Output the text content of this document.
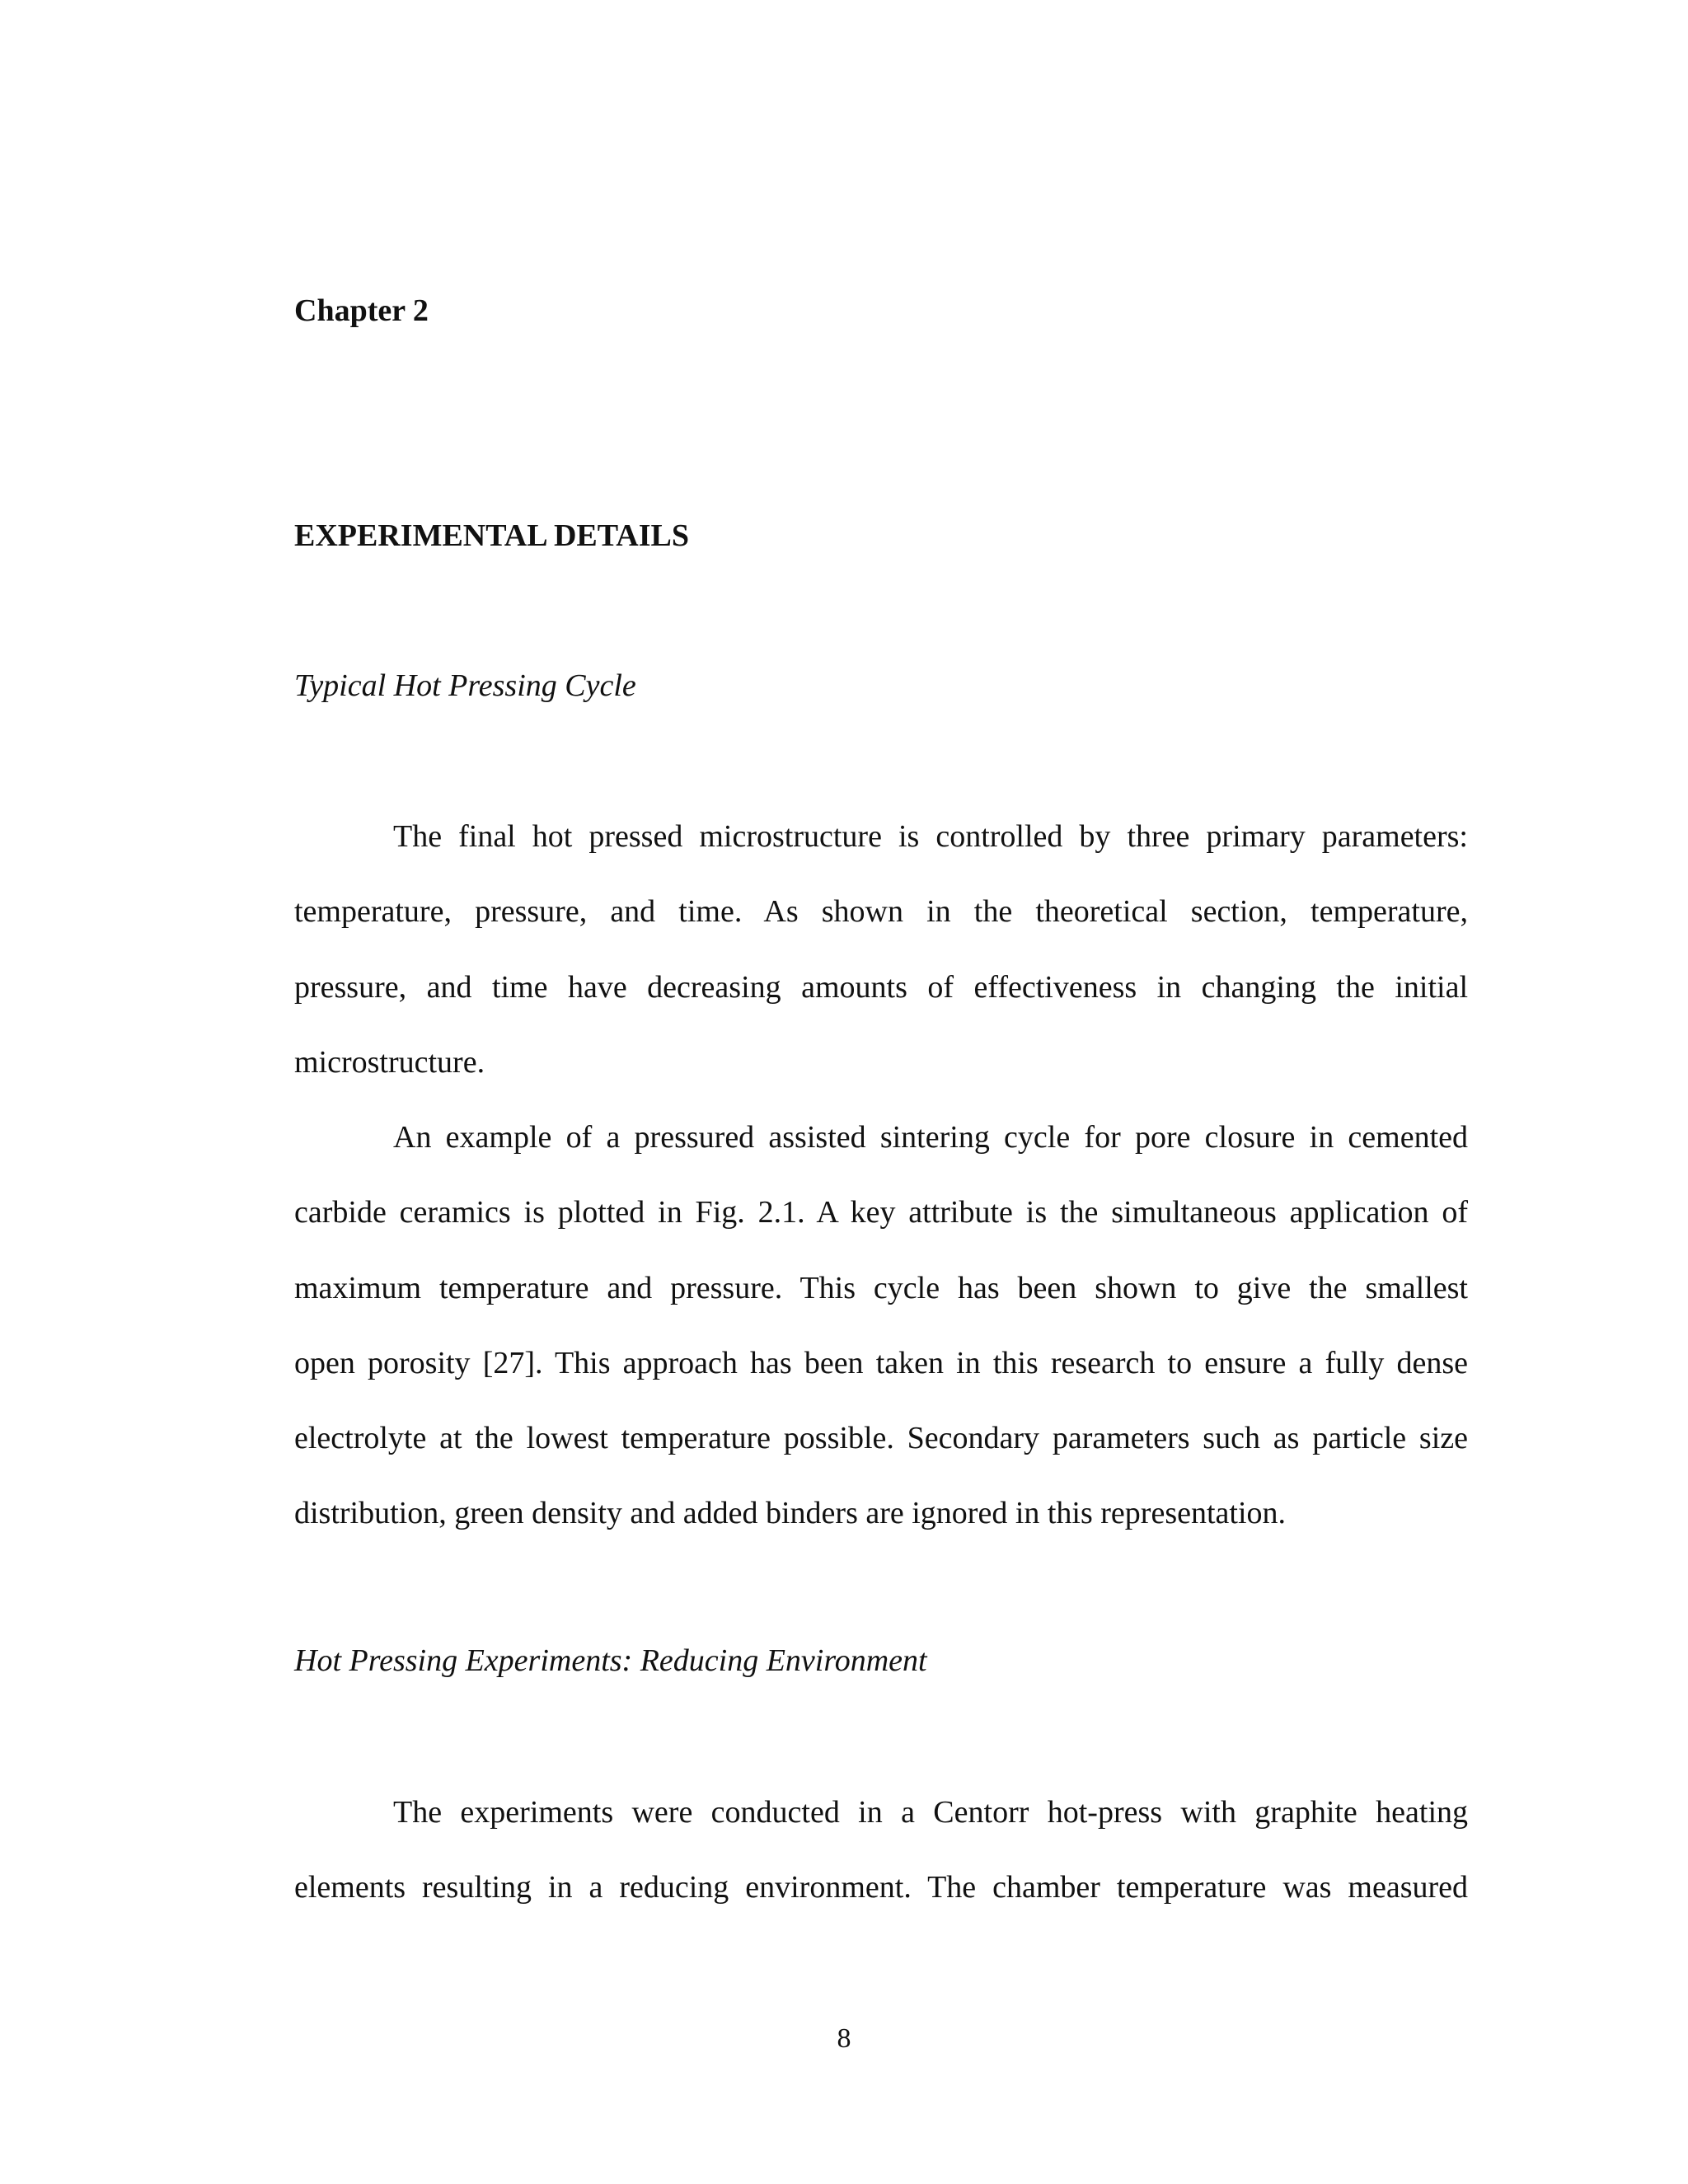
Chapter 2
EXPERIMENTAL DETAILS
Typical Hot Pressing Cycle
The final hot pressed microstructure is controlled by three primary parameters:
temperature, pressure, and time. As shown in the theoretical section, temperature,
pressure, and time have decreasing amounts of effectiveness in changing the initial
microstructure.
An example of a pressured assisted sintering cycle for pore closure in cemented
carbide ceramics is plotted in Fig. 2.1. A key attribute is the simultaneous application of
maximum temperature and pressure. This cycle has been shown to give the smallest
open porosity [27]. This approach has been taken in this research to ensure a fully dense
electrolyte at the lowest temperature possible. Secondary parameters such as particle size
distribution, green density and added binders are ignored in this representation.
Hot Pressing Experiments: Reducing Environment
The experiments were conducted in a Centorr hot-press with graphite heating
elements resulting in a reducing environment. The chamber temperature was measured
8
